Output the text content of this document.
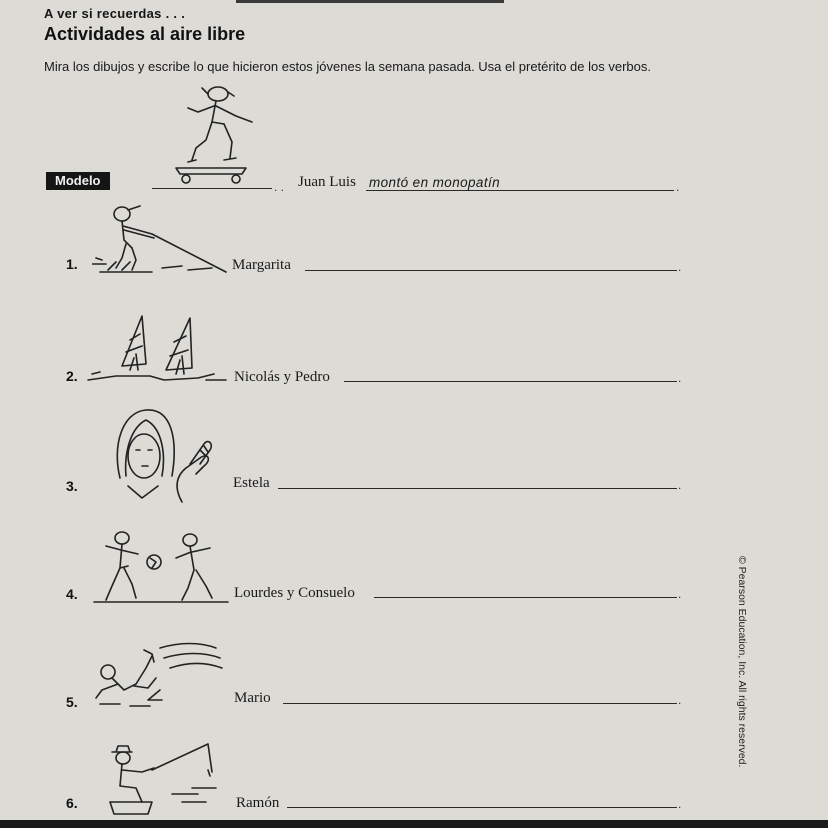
A ver si recuerdas . . .
Actividades al aire libre
Mira los dibujos y escribe lo que hicieron estos jóvenes la semana pasada. Usa el pretérito de los verbos.
Modelo	. . Juan Luis montó en monopatín	.
1.	Margarita	.
2.	Nicolás y Pedro	.
3.	Estela	.
4.	Lourdes y Consuelo	.
5.	Mario	.
6.	Ramón	.
© Pearson Education, Inc. All rights reserved.
